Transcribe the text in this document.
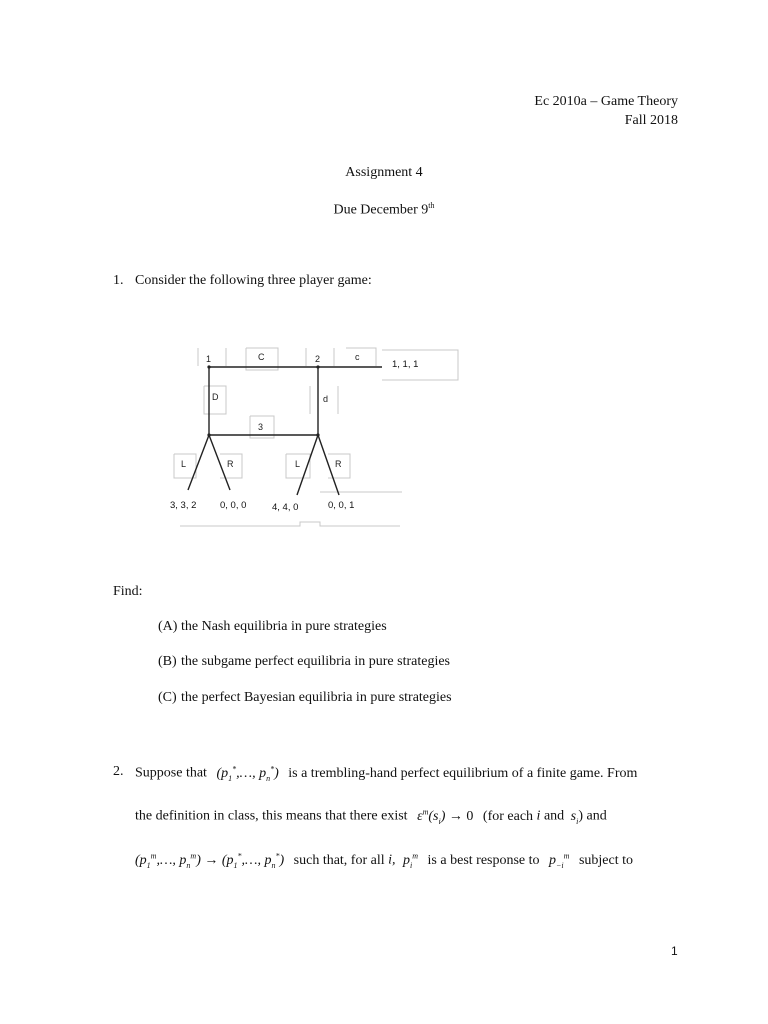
Ec 2010a – Game Theory
Fall 2018
Assignment 4
Due December 9th
1. Consider the following three player game:
1	C	2	c
1, 1, 1
D	d
3
L	R	L	R
3, 3, 2 0, 0, 0	4, 4, 0	0, 0, 1
Find:
(A) the Nash equilibria in pure strategies
(B) the subgame perfect equilibria in pure strategies
(C) the perfect Bayesian equilibria in pure strategies
2. Suppose that ($p_1^*,\dots$, $p_n^*$) is a trembling-hand perfect equilibrium of a finite game. From
the definition in class, this means that there exist $\varepsilon^m(s_i) \to 0$ (for each i and $s_i$) and
($p_1^m,\dots$, $p_n^m$) → ($p_1^*,\dots$, $p_n^*$) such that, for all i, $p_i^m$ is a best response to $p_{-i}^m$ subject to
1
